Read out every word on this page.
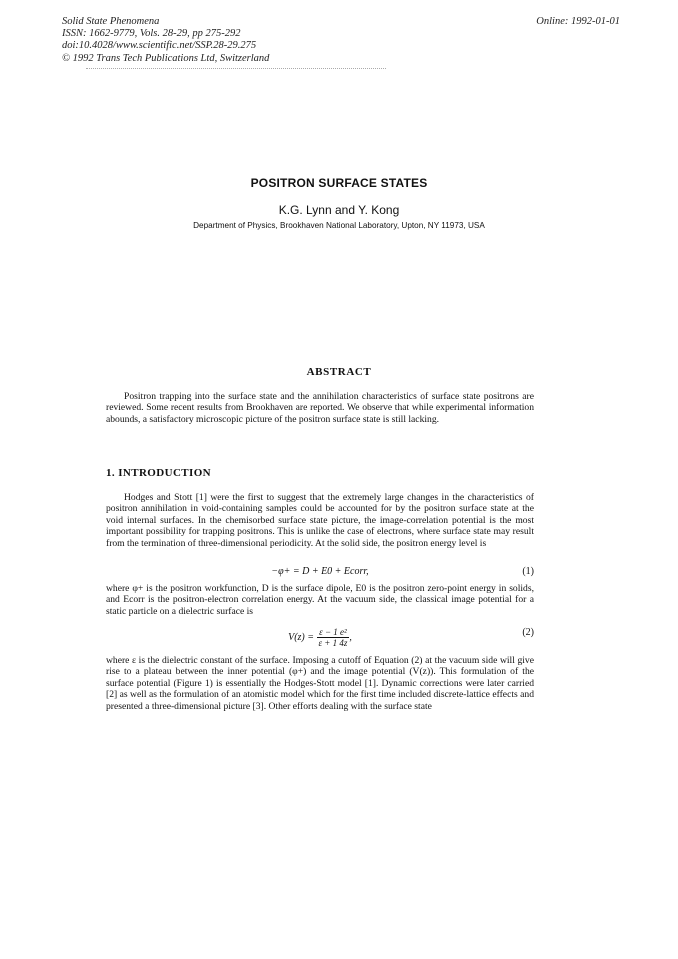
Solid State Phenomena
ISSN: 1662-9779, Vols. 28-29, pp 275-292
doi:10.4028/www.scientific.net/SSP.28-29.275
© 1992 Trans Tech Publications Ltd, Switzerland
Online: 1992-01-01
POSITRON SURFACE STATES
K.G. Lynn and Y. Kong
Department of Physics, Brookhaven National Laboratory, Upton, NY 11973, USA
ABSTRACT

Positron trapping into the surface state and the annihilation characteristics of surface state positrons are reviewed. Some recent results from Brookhaven are reported. We observe that while experimental information abounds, a satisfactory microscopic picture of the positron surface state is still lacking.

1. INTRODUCTION

Hodges and Stott [1] were the first to suggest that the extremely large changes in the characteristics of positron annihilation in void-containing samples could be accounted for by the positron surface state at the void internal surfaces. In the chemisorbed surface state picture, the image-correlation potential is the most important possibility for trapping positrons. This is unlike the case of electrons, where surface state may result from the termination of three-dimensional periodicity. At the solid side, the positron energy level is

−φ+ = D + E0 + Ecorr,	(1)

where φ+ is the positron workfunction, D is the surface dipole, E0 is the positron zero-point energy in solids, and Ecorr is the positron-electron correlation energy. At the vacuum side, the classical image potential for a static particle on a dielectric surface is

$V(z) = \frac{\text{ε − 1 e²}}{\varepsilon + 1 4z}$ ,	(2)

where ε is the dielectric constant of the surface. Imposing a cutoff of Equation (2) at the vacuum side will give rise to a plateau between the inner potential (φ+) and the image potential (V(z)). This formulation of the surface potential (Figure 1) is essentially the Hodges-Stott model [1]. Dynamic corrections were later carried [2] as well as the formulation of an atomistic model which for the first time included discrete-lattice effects and presented a three-dimensional picture [3]. Other efforts dealing with the surface state
